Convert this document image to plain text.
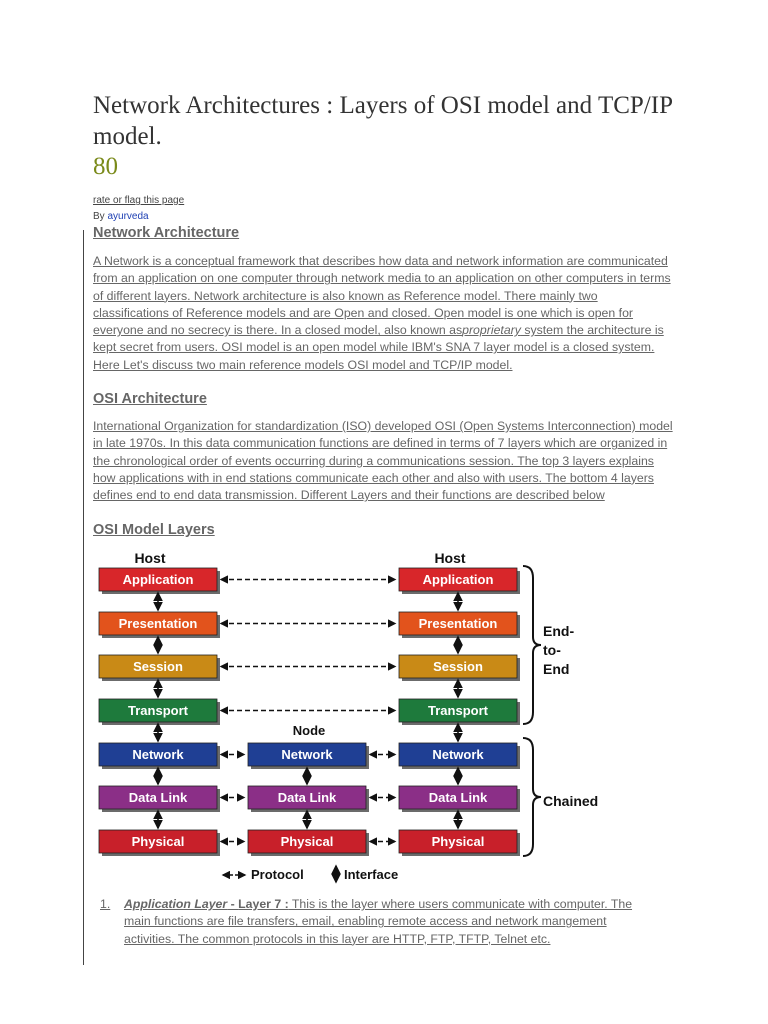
Network Architectures : Layers of OSI model and TCP/IP model.
80
rate or flag this page
By ayurveda
Network Architecture

A Network is a conceptual framework that describes how data and network information are communicated from an application on one computer through network media to an application on other computers in terms of different layers. Network architecture is also known as Reference model. There mainly two classifications of Reference models and are Open and closed. Open model is one which is open for everyone and no secrecy is there. In a closed model, also known asproprietary system the architecture is kept secret from users. OSI model is an open model while IBM's SNA 7 layer model is a closed system. Here Let's discuss two main reference models OSI model and TCP/IP model.

OSI Architecture

International Organization for standardization (ISO) developed OSI (Open Systems Interconnection) model in late 1970s. In this data communication functions are defined in terms of 7 layers which are organized in the chronological order of events occurring during a communications session. The top 3 layers explains how applications with in end stations communicate each other and also with users. The bottom 4 layers defines end to end data transmission. Different Layers and their functions are described below

OSI Model Layers
Host	Host
Node
Application	Application
Presentation	Presentation
Session	Session
Transport	Transport
Network	Network
Network
Data Link	Data Link
Data Link
Physical	Physical
Physical
End-
to-
End
Chained
Protocol	Interface
1. Application Layer - Layer 7 : This is the layer where users communicate with computer. The main functions are file transfers, email, enabling remote access and network mangement activities. The common protocols in this layer are HTTP, FTP, TFTP, Telnet etc.
